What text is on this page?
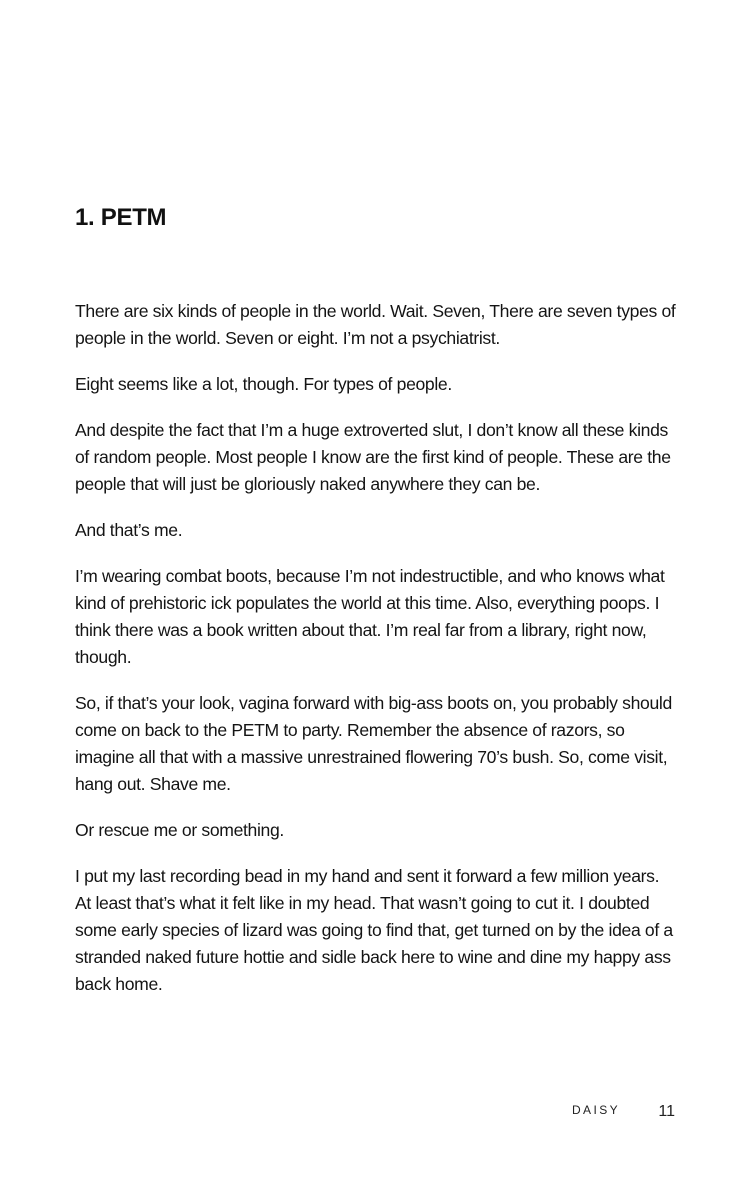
1. PETM

There are six kinds of people in the world. Wait. Seven, There are seven types of people in the world. Seven or eight. I’m not a psychiatrist.

Eight seems like a lot, though. For types of people.

And despite the fact that I’m a huge extroverted slut, I don’t know all these kinds of random people. Most people I know are the first kind of people. These are the people that will just be gloriously naked anywhere they can be.

And that’s me.

I’m wearing combat boots, because I’m not indestructible, and who knows what kind of prehistoric ick populates the world at this time. Also, everything poops. I think there was a book written about that. I’m real far from a library, right now, though.

So, if that’s your look, vagina forward with big-ass boots on, you probably should come on back to the PETM to party. Remember the absence of razors, so imagine all that with a massive unrestrained flowering 70’s bush. So, come visit, hang out. Shave me.

Or rescue me or something.

I put my last recording bead in my hand and sent it forward a few million years. At least that’s what it felt like in my head. That wasn’t going to cut it. I doubted some early species of lizard was going to find that, get turned on by the idea of a stranded naked future hottie and sidle back here to wine and dine my happy ass back home.

DAISY 11
